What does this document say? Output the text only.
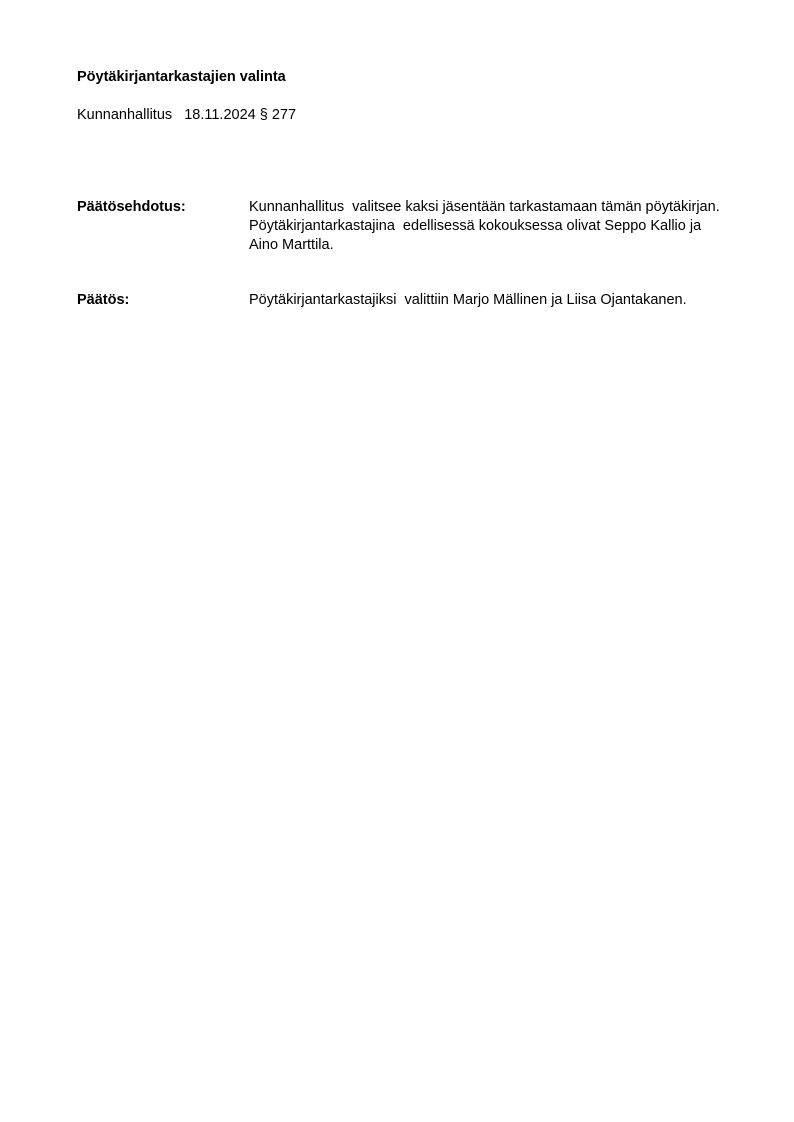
Pöytäkirjantarkastajien valinta
Kunnanhallitus   18.11.2024 § 277
Päätösehdotus:	Kunnanhallitus  valitsee kaksi jäsentään tarkastamaan tämän pöytäkirjan.

Pöytäkirjantarkastajina  edellisessä kokouksessa olivat Seppo Kallio ja Aino Marttila.

Päätös:	Pöytäkirjantarkastajiksi  valittiin Marjo Mällinen ja Liisa Ojantakanen.
